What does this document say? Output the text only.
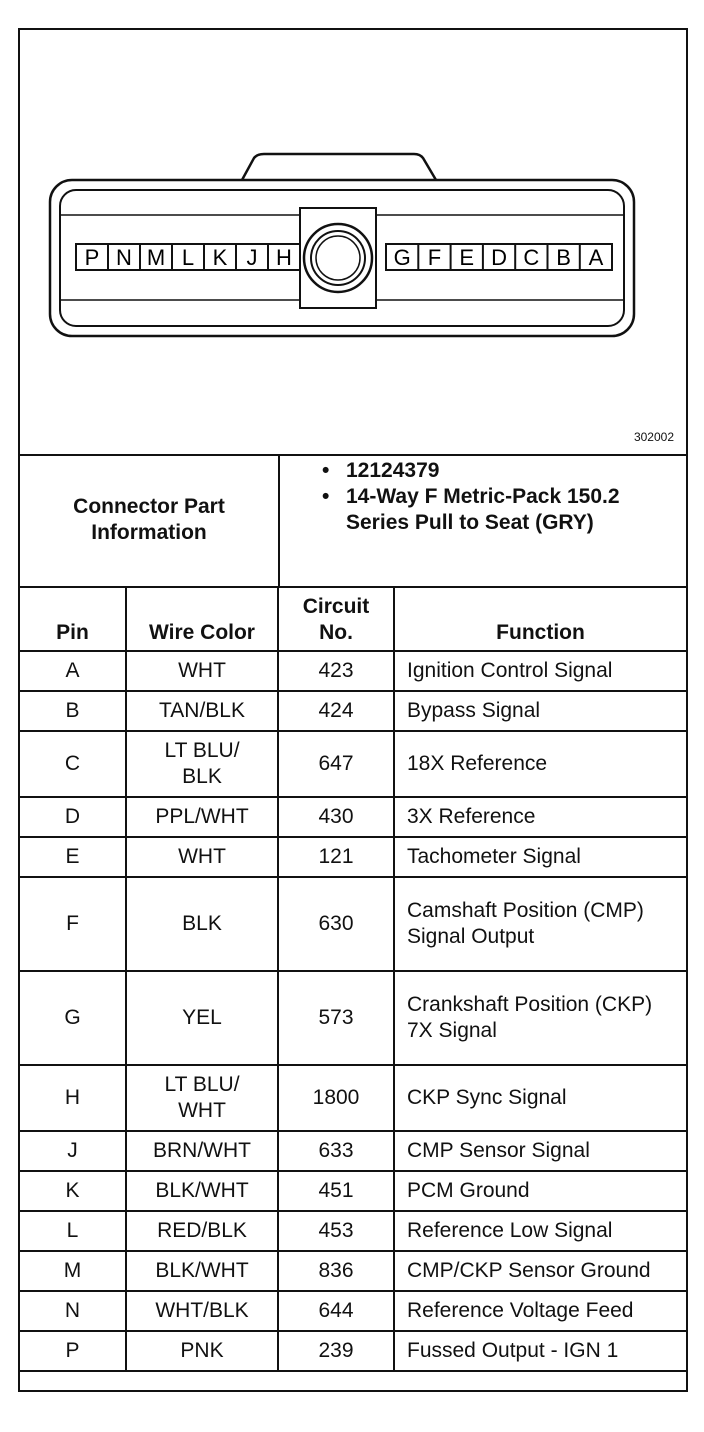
P N M L K J H	G F E D C B A
302002
Connector Part Information
• 12124379
• 14-Way F Metric-Pack 150.2 Series Pull to Seat (GRY)
Pin	Wire Color	Circuit No.	Function
A	WHT	423	Ignition Control Signal
B	TAN/BLK	424	Bypass Signal
C	LT BLU/ BLK	647	18X Reference
D	PPL/WHT	430	3X Reference
E	WHT	121	Tachometer Signal
F	BLK	630	Camshaft Position (CMP) Signal Output
G	YEL	573	Crankshaft Position (CKP) 7X Signal
H	LT BLU/ WHT	1800	CKP Sync Signal
J	BRN/WHT	633	CMP Sensor Signal
K	BLK/WHT	451	PCM Ground
L	RED/BLK	453	Reference Low Signal
M	BLK/WHT	836	CMP/CKP Sensor Ground
N	WHT/BLK	644	Reference Voltage Feed
P	PNK	239	Fussed Output - IGN 1
